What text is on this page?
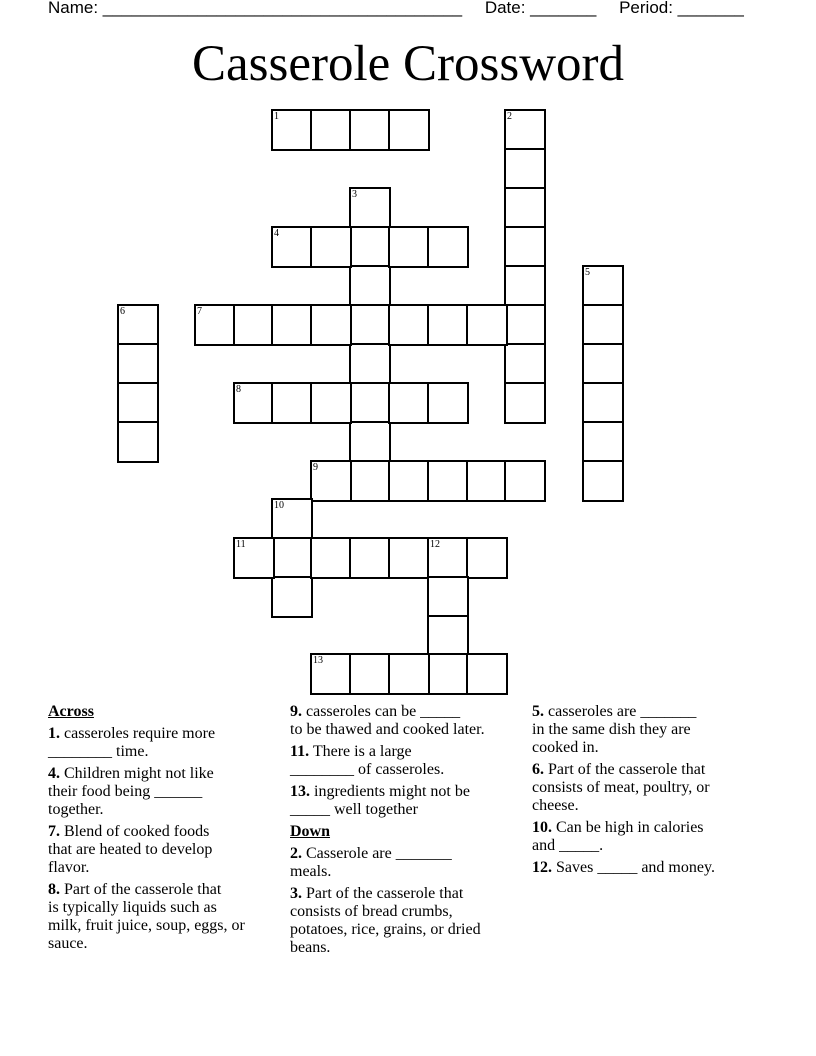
Name: ______________________________________ Date: _______ Period: _______
Casserole Crossword
1	2
3
4
5
6	7
8
9
10
11	12
13
Across
1. casseroles require more
________ time.
4. Children might not like
their food being ______
together.
7. Blend of cooked foods
that are heated to develop
flavor.
8. Part of the casserole that
is typically liquids such as
milk, fruit juice, soup, eggs, or
sauce.
9. casseroles can be _____
to be thawed and cooked later.
11. There is a large
________ of casseroles.
13. ingredients might not be
_____ well together
Down
2. Casserole are _______
meals.
3. Part of the casserole that
consists of bread crumbs,
potatoes, rice, grains, or dried
beans.
5. casseroles are _______
in the same dish they are
cooked in.
6. Part of the casserole that
consists of meat, poultry, or
cheese.
10. Can be high in calories
and _____.
12. Saves _____ and money.
